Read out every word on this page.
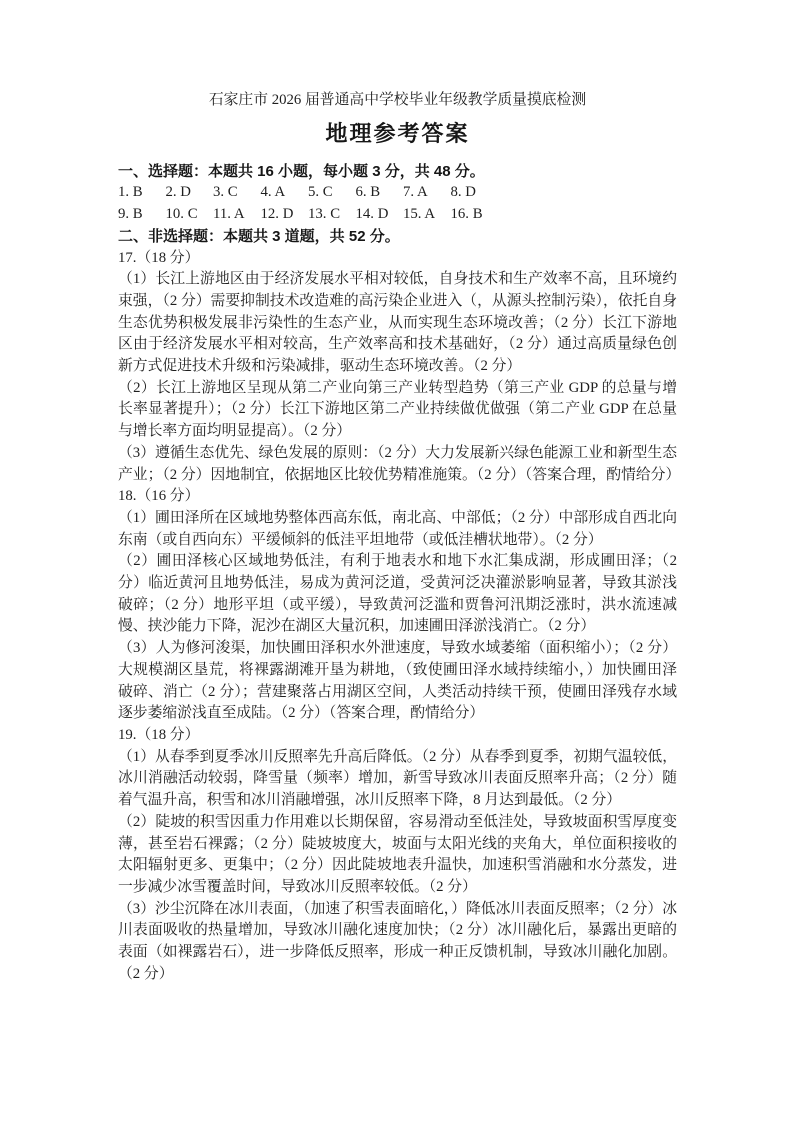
石家庄市 2026 届普通高中学校毕业年级教学质量摸底检测
地理参考答案
一、选择题：本题共 16 小题，每小题 3 分，共 48 分。
1. B	2. D	3. C	4. A	5. C	6. B	7. A	8. D
9. B	10. C	11. A	12. D 13. C	14. D 15. A	16. B
二、非选择题：本题共 3 道题，共 52 分。

17.（18 分）

（1）长江上游地区由于经济发展水平相对较低，自身技术和生产效率不高，且环境约束强，（2 分）需要抑制技术改造难的高污染企业进入（，从源头控制污染），依托自身生态优势积极发展非污染性的生态产业，从而实现生态环境改善；（2 分）长江下游地区由于经济发展水平相对较高，生产效率高和技术基础好，（2 分）通过高质量绿色创新方式促进技术升级和污染减排，驱动生态环境改善。（2 分）

（2）长江上游地区呈现从第二产业向第三产业转型趋势（第三产业 GDP 的总量与增长率显著提升）；（2 分）长江下游地区第二产业持续做优做强（第二产业 GDP 在总量与增长率方面均明显提高）。（2 分）

（3）遵循生态优先、绿色发展的原则：（2 分）大力发展新兴绿色能源工业和新型生态产业；（2 分）因地制宜，依据地区比较优势精准施策。（2 分）（答案合理，酌情给分）

18.（16 分）

（1）圃田泽所在区域地势整体西高东低，南北高、中部低；（2 分）中部形成自西北向东南（或自西向东）平缓倾斜的低洼平坦地带（或低洼槽状地带）。（2 分）

（2）圃田泽核心区域地势低洼，有利于地表水和地下水汇集成湖，形成圃田泽；（2 分）临近黄河且地势低洼，易成为黄河泛道，受黄河泛决灌淤影响显著，导致其淤浅破碎；（2 分）地形平坦（或平缓），导致黄河泛滥和贾鲁河汛期泛涨时，洪水流速减慢、挟沙能力下降，泥沙在湖区大量沉积，加速圃田泽淤浅消亡。（2 分）

（3）人为修河浚渠，加快圃田泽积水外泄速度，导致水域萎缩（面积缩小）；（2 分）大规模湖区垦荒，将裸露湖滩开垦为耕地，（致使圃田泽水域持续缩小，）加快圃田泽破碎、消亡（2 分）；营建聚落占用湖区空间，人类活动持续干预，使圃田泽残存水域逐步萎缩淤浅直至成陆。（2 分）（答案合理，酌情给分）

19.（18 分）

（1）从春季到夏季冰川反照率先升高后降低。（2 分）从春季到夏季，初期气温较低，冰川消融活动较弱，降雪量（频率）增加，新雪导致冰川表面反照率升高；（2 分）随着气温升高，积雪和冰川消融增强，冰川反照率下降，8 月达到最低。（2 分）

（2）陡坡的积雪因重力作用难以长期保留，容易滑动至低洼处，导致坡面积雪厚度变薄，甚至岩石裸露；（2 分）陡坡坡度大，坡面与太阳光线的夹角大，单位面积接收的太阳辐射更多、更集中；（2 分）因此陡坡地表升温快，加速积雪消融和水分蒸发，进一步减少冰雪覆盖时间，导致冰川反照率较低。（2 分）

（3）沙尘沉降在冰川表面，（加速了积雪表面暗化，）降低冰川表面反照率；（2 分）冰川表面吸收的热量增加，导致冰川融化速度加快；（2 分）冰川融化后，暴露出更暗的表面（如裸露岩石），进一步降低反照率，形成一种正反馈机制，导致冰川融化加剧。（2 分）
